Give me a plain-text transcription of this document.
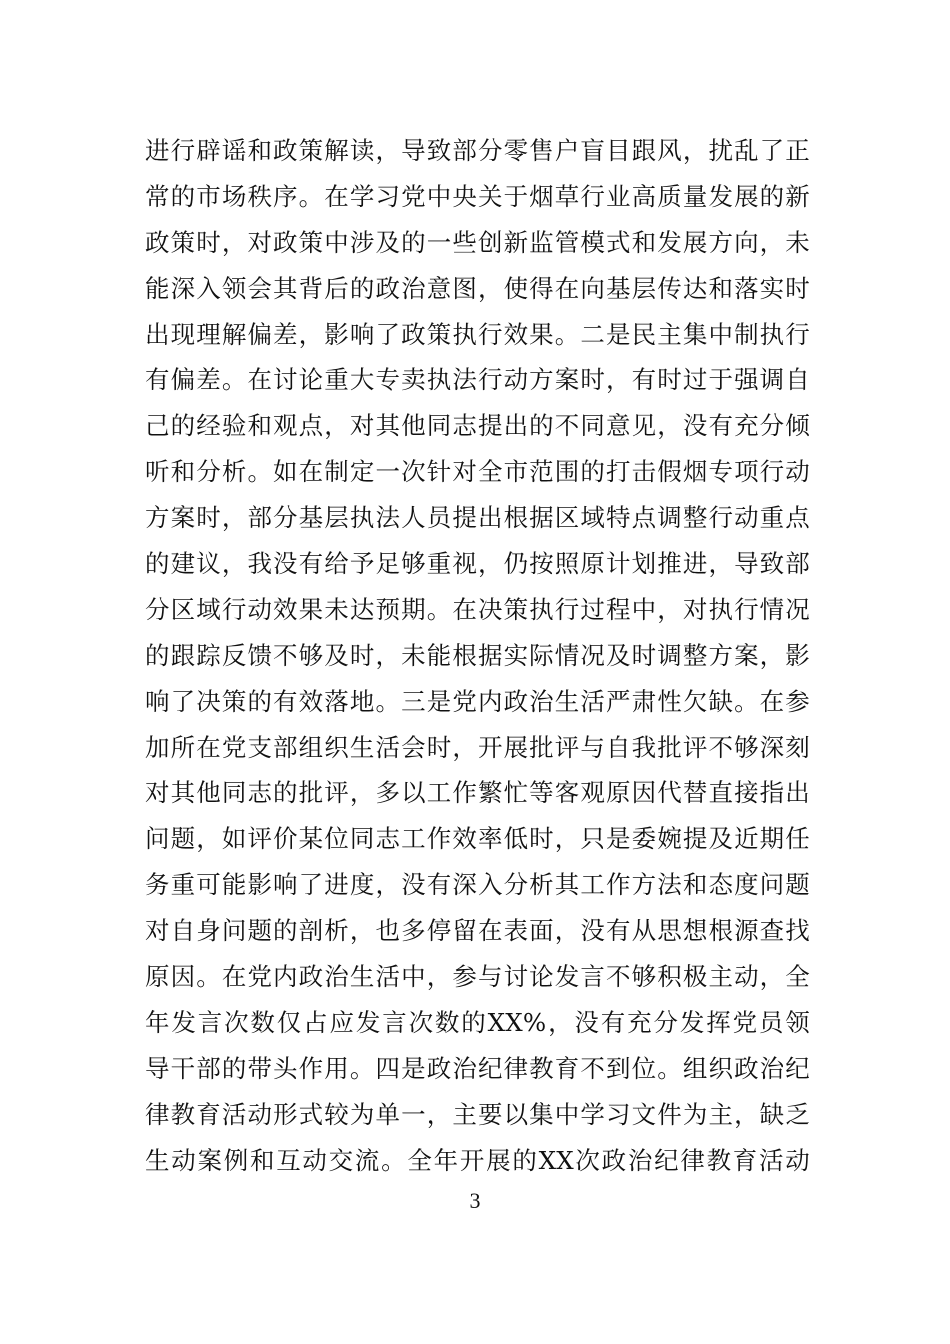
进行辟谣和政策解读，导致部分零售户盲目跟风，扰乱了正
常的市场秩序。在学习党中央关于烟草行业高质量发展的新
政策时，对政策中涉及的一些创新监管模式和发展方向，未
能深入领会其背后的政治意图，使得在向基层传达和落实时
出现理解偏差，影响了政策执行效果。二是民主集中制执行
有偏差。在讨论重大专卖执法行动方案时，有时过于强调自
己的经验和观点，对其他同志提出的不同意见，没有充分倾
听和分析。如在制定一次针对全市范围的打击假烟专项行动
方案时，部分基层执法人员提出根据区域特点调整行动重点
的建议，我没有给予足够重视，仍按照原计划推进，导致部
分区域行动效果未达预期。在决策执行过程中，对执行情况
的跟踪反馈不够及时，未能根据实际情况及时调整方案，影
响了决策的有效落地。三是党内政治生活严肃性欠缺。在参
加所在党支部组织生活会时，开展批评与自我批评不够深刻
对其他同志的批评，多以工作繁忙等客观原因代替直接指出
问题，如评价某位同志工作效率低时，只是委婉提及近期任
务重可能影响了进度，没有深入分析其工作方法和态度问题
对自身问题的剖析，也多停留在表面，没有从思想根源查找
原因。在党内政治生活中，参与讨论发言不够积极主动，全
年发言次数仅占应发言次数的XX%，没有充分发挥党员领
导干部的带头作用。四是政治纪律教育不到位。组织政治纪
律教育活动形式较为单一，主要以集中学习文件为主，缺乏
生动案例和互动交流。全年开展的XX次政治纪律教育活动
3
